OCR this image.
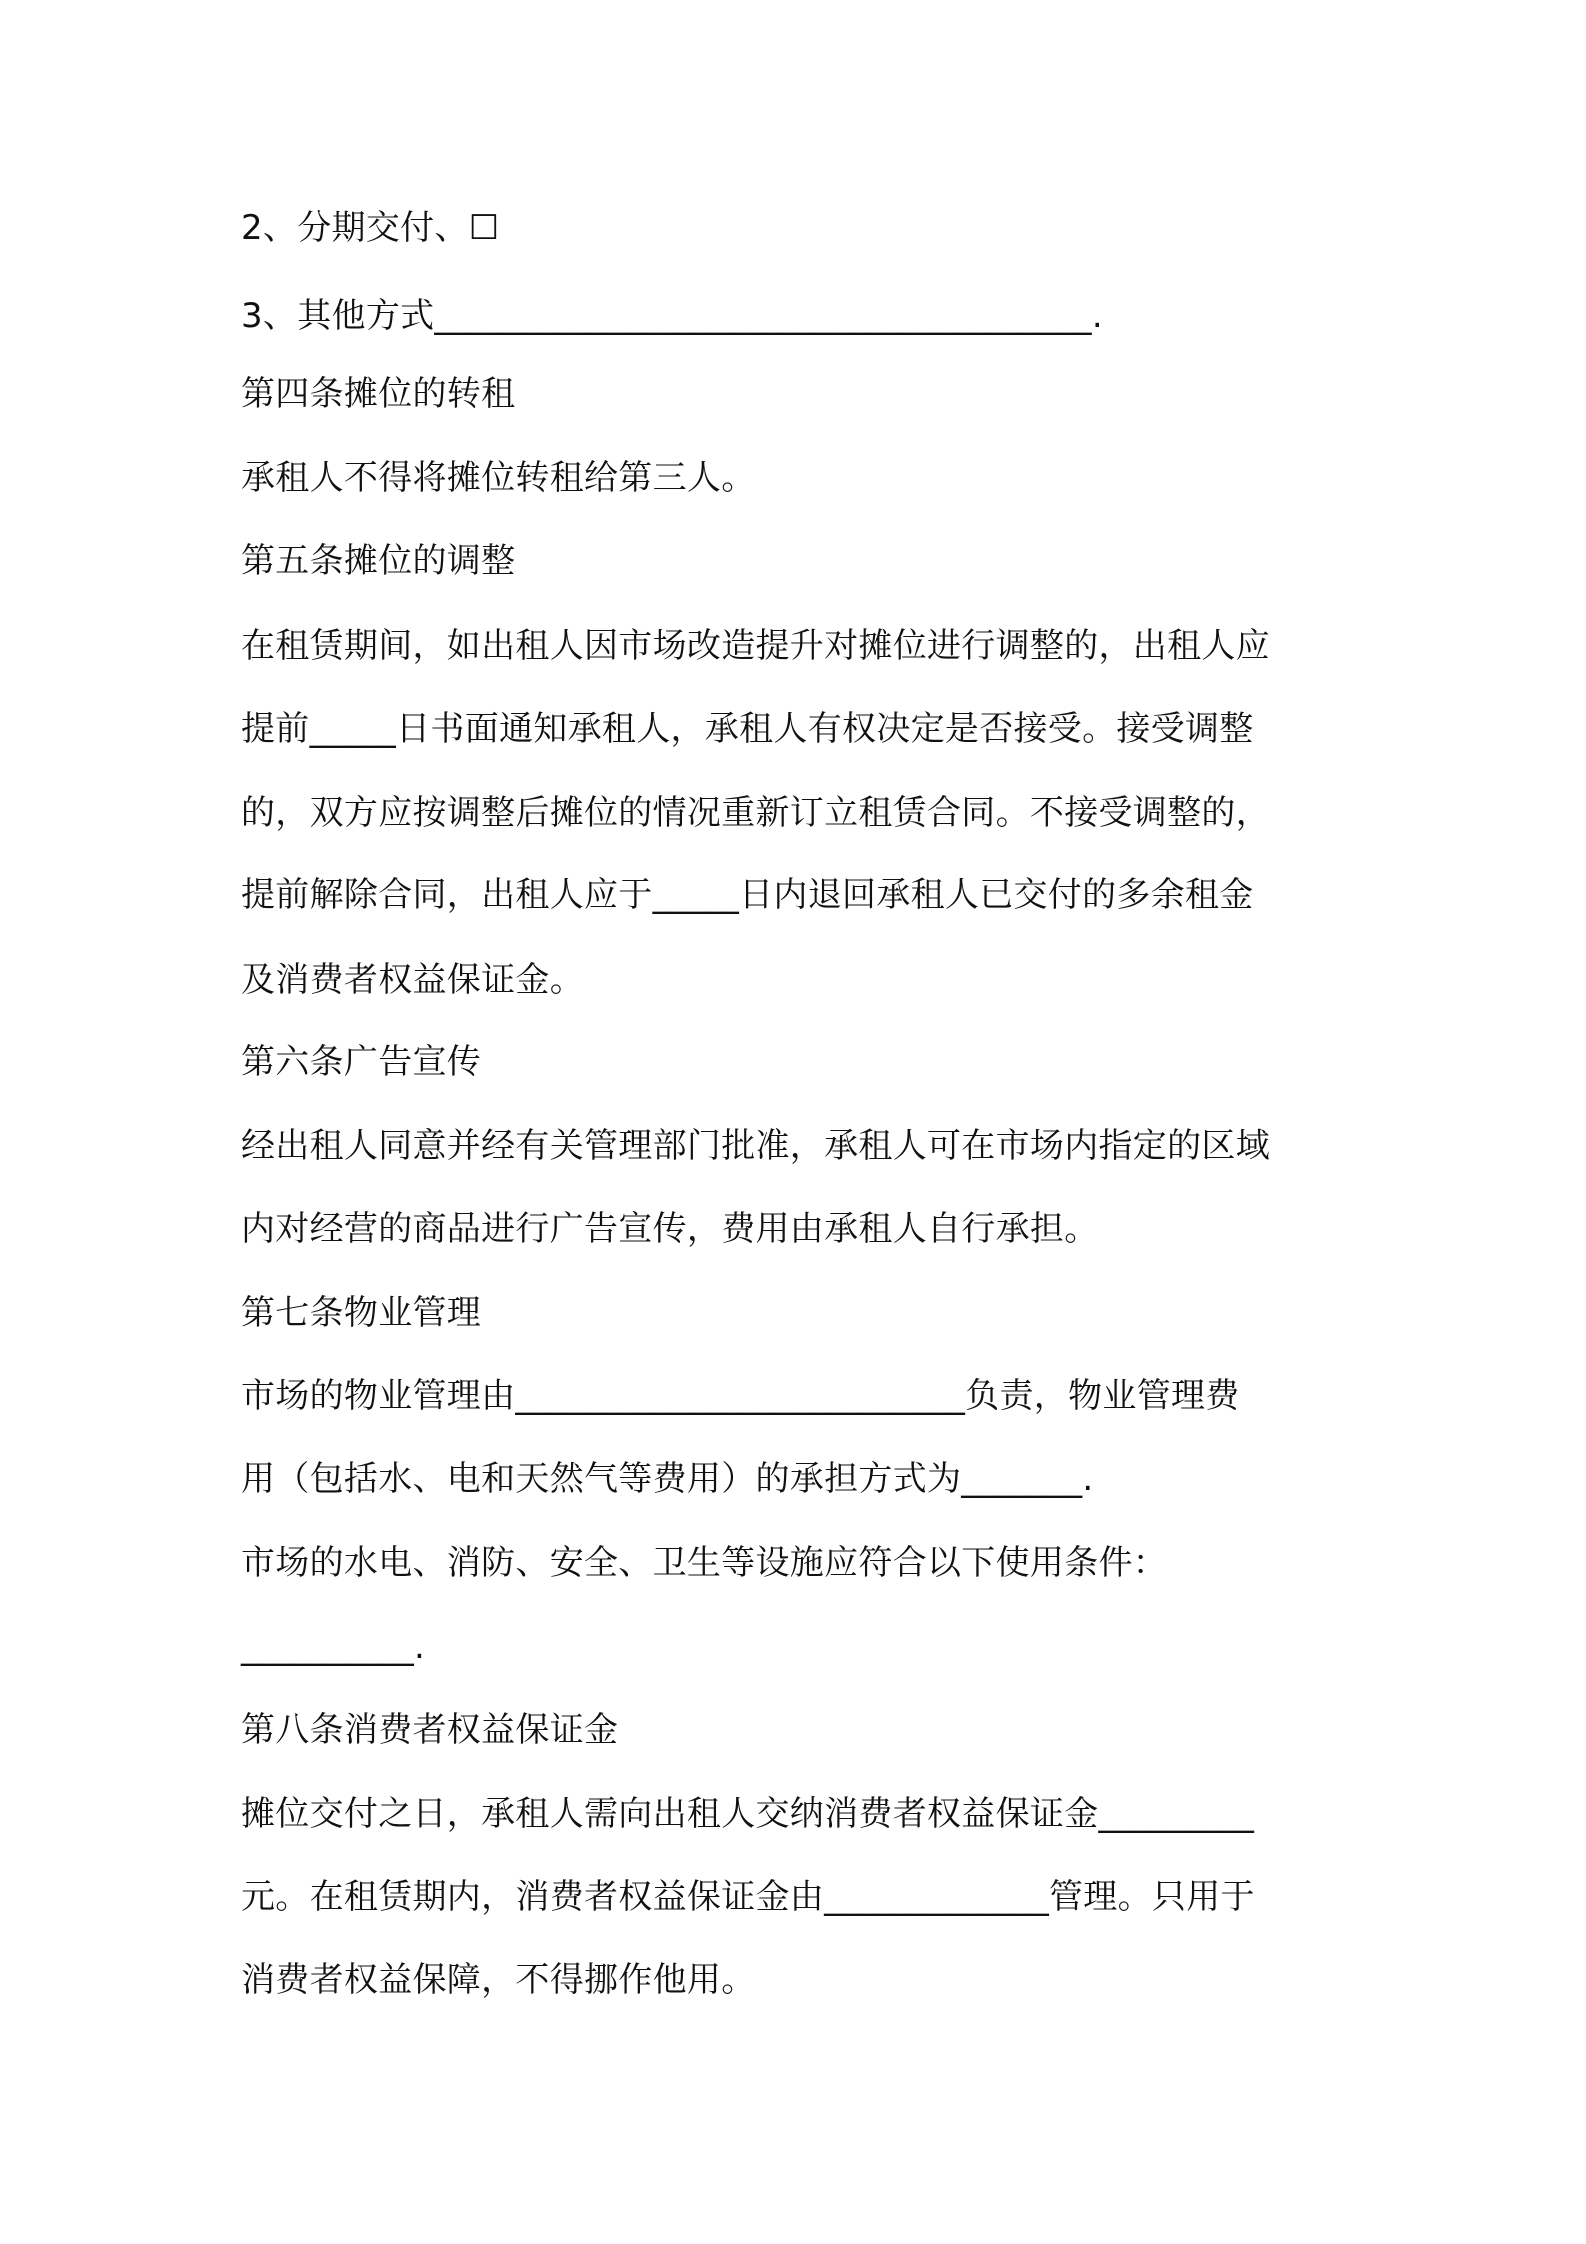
2、分期交付、☐
3、其他方式______________________________________.
第四条摊位的转租
承租人不得将摊位转租给第三人。
第五条摊位的调整
在租赁期间，如出租人因市场改造提升对摊位进行调整的，出租人应
提前_____日书面通知承租人，承租人有权决定是否接受。接受调整
的，双方应按调整后摊位的情况重新订立租赁合同。不接受调整的，
提前解除合同，出租人应于_____日内退回承租人已交付的多余租金
及消费者权益保证金。
第六条广告宣传
经出租人同意并经有关管理部门批准，承租人可在市场内指定的区域
内对经营的商品进行广告宣传，费用由承租人自行承担。
第七条物业管理
市场的物业管理由__________________________负责，物业管理费
用（包括水、电和天然气等费用）的承担方式为_______.
市场的水电、消防、安全、卫生等设施应符合以下使用条件：
__________.
第八条消费者权益保证金
摊位交付之日，承租人需向出租人交纳消费者权益保证金_________
元。在租赁期内，消费者权益保证金由_____________管理。只用于
消费者权益保障，不得挪作他用。
